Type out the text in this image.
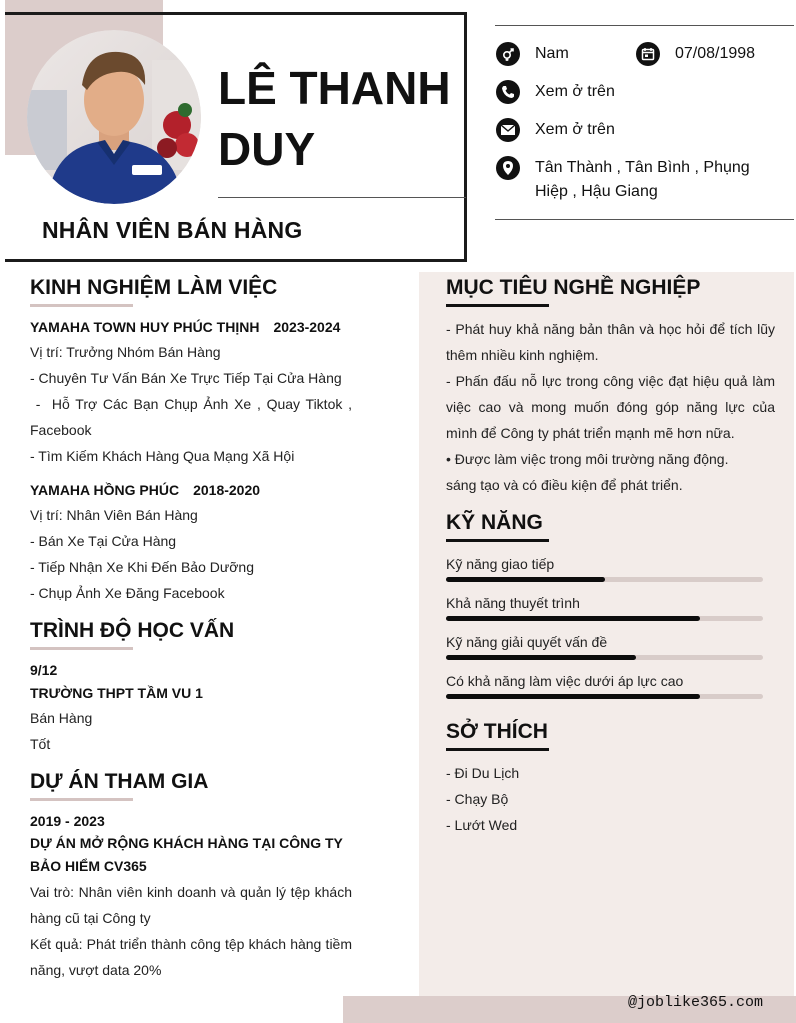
LÊ THANH DUY
NHÂN VIÊN BÁN HÀNG
Nam	07/08/1998
Xem ở trên
Xem ở trên
Tân Thành , Tân Bình , Phụng Hiệp , Hậu Giang
KINH NGHIỆM LÀM VIỆC
YAMAHA TOWN HUY PHÚC THỊNH 2023-2024
Vị trí: Trưởng Nhóm Bán Hàng
- Chuyên Tư Vấn Bán Xe Trực Tiếp Tại Cửa Hàng
-  Hỗ Trợ Các Bạn Chụp Ảnh Xe , Quay Tiktok , Facebook
- Tìm Kiếm Khách Hàng Qua Mạng Xã Hội
YAMAHA HỒNG PHÚC 2018-2020
Vị trí: Nhân Viên Bán Hàng
- Bán Xe Tại Cửa Hàng
- Tiếp Nhận Xe Khi Đến Bảo Dưỡng
- Chụp Ảnh Xe Đăng Facebook
TRÌNH ĐỘ HỌC VẤN
9/12
TRƯỜNG THPT TẦM VU 1
Bán Hàng
Tốt
DỰ ÁN THAM GIA
2019 - 2023
DỰ ÁN MỞ RỘNG KHÁCH HÀNG TẠI CÔNG TY BẢO HIỂM CV365
Vai trò: Nhân viên kinh doanh và quản lý tệp khách hàng cũ tại Công ty
Kết quả: Phát triển thành công tệp khách hàng tiềm năng, vượt data 20%
MỤC TIÊU NGHỀ NGHIỆP
- Phát huy khả năng bản thân và học hỏi để tích lũy thêm nhiều kinh nghiệm.
- Phấn đấu nỗ lực trong công việc đạt hiệu quả làm việc cao và mong muốn đóng góp năng lực của mình để Công ty phát triển mạnh mẽ hơn nữa.
• Được làm việc trong môi trường năng động.
sáng tạo và có điều kiện để phát triển.
KỸ NĂNG
Kỹ năng giao tiếp
Khả năng thuyết trình
Kỹ năng giải quyết vấn đề
Có khả năng làm việc dưới áp lực cao
SỞ THÍCH
- Đi Du Lịch
- Chạy Bộ
- Lướt Wed
@joblike365.com
